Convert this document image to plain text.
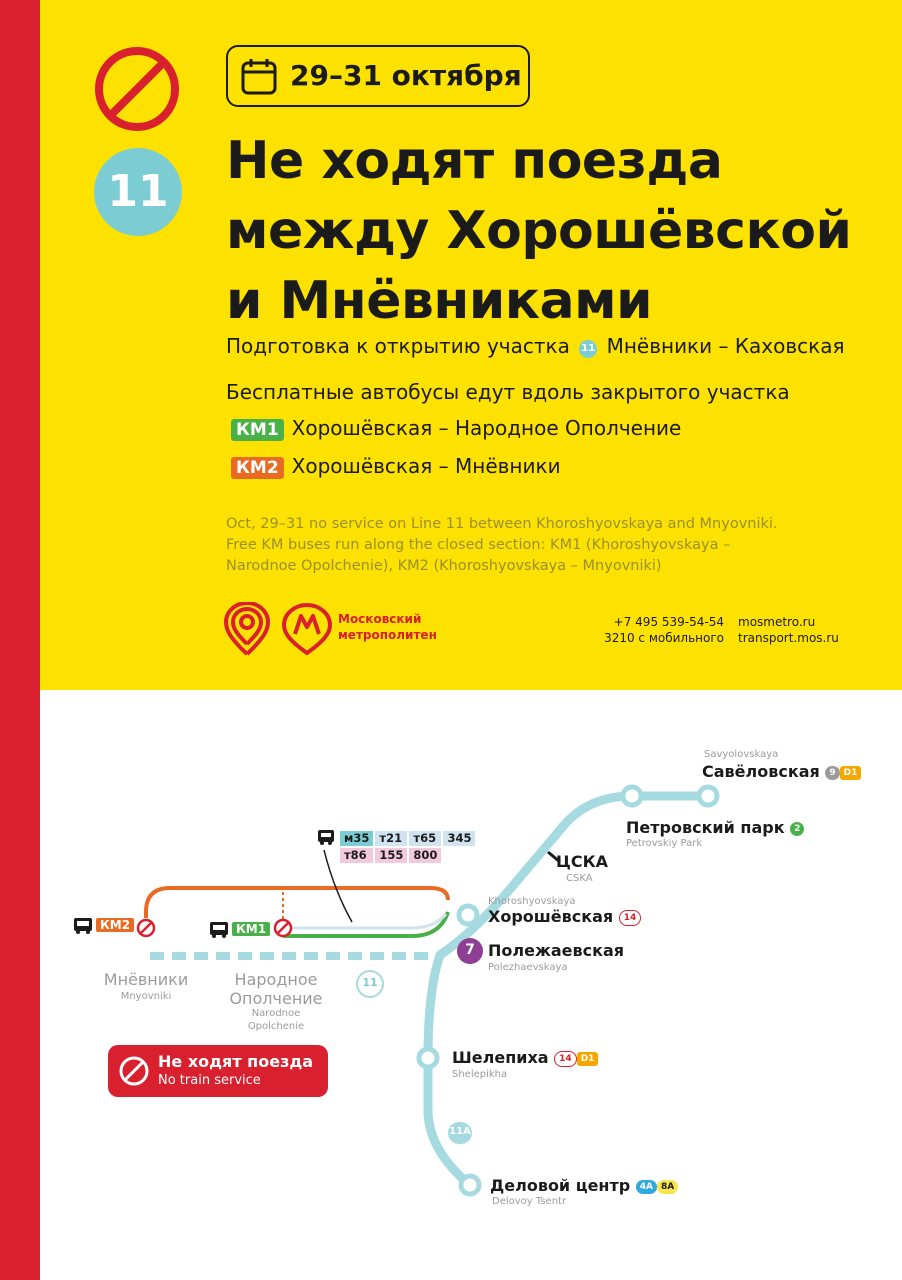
29–31 октября
11
Не ходят поезда
между Хорошёвской
и Мнёвниками
Подготовка к открытию участка 11 Мнёвники – Каховская
Бесплатные автобусы едут вдоль закрытого участка
КМ1 Хорошёвская – Народное Ополчение
КМ2 Хорошёвская – Мнёвники
Oct, 29–31 no service on Line 11 between Khoroshyovskaya and Mnyovniki.
Free KM buses run along the closed section: KM1 (Khoroshyovskaya –
Narodnoe Opolchenie), KM2 (Khoroshyovskaya – Mnyovniki)
Московский
метрополитен
+7 495 539-54-54
3210 с мобильного
mosmetro.ru
transport.mos.ru
Savyolovskaya
Савёловская 9 D1
Петровский парк 2
Petrovskiy Park
ЦСКА
CSKA
Khoroshyovskaya
Хорошёвская 14
7 Полежаевская
Polezhaevskaya
Шелепиха 14 D1
Shelepikha
Деловой центр 4А 8А
Delovoy Tsentr
Мнёвники
Mnyovniki
Народное
Ополчение
Narodnoe
Opolchenie
11
11А
КМ2	КМ1
м35	т21	т65	345
т86	155	800	
Не ходят поезда
No train service
